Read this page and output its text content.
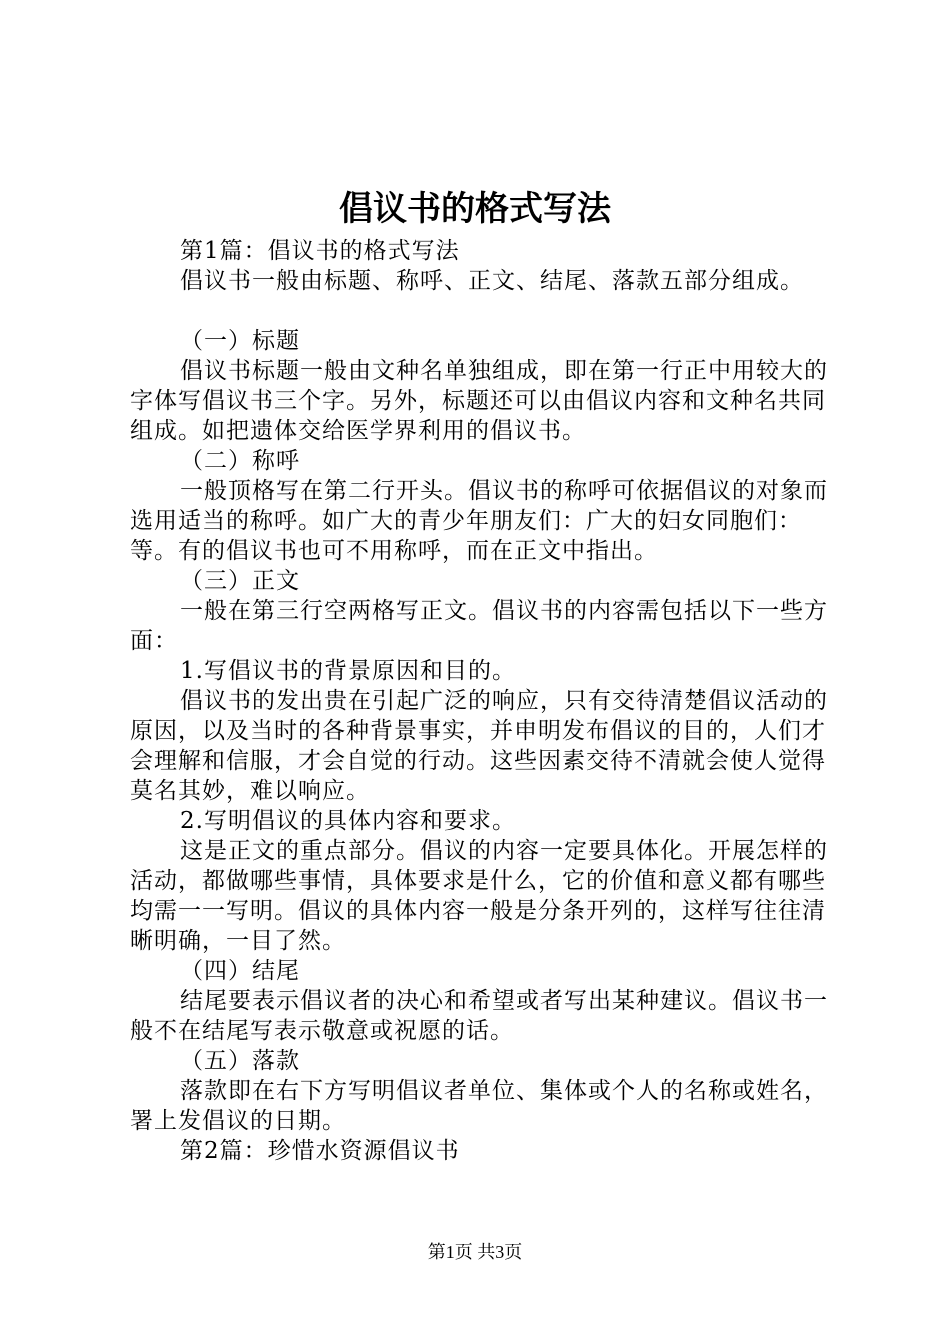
倡议书的格式写法

第1篇：倡议书的格式写法

倡议书一般由标题、称呼、正文、结尾、落款五部分组成。

（一）标题

倡议书标题一般由文种名单独组成，即在第一行正中用较大的字体写倡议书三个字。另外，标题还可以由倡议内容和文种名共同组成。如把遗体交给医学界利用的倡议书。

（二）称呼

一般顶格写在第二行开头。倡议书的称呼可依据倡议的对象而选用适当的称呼。如广大的青少年朋友们：广大的妇女同胞们：等。有的倡议书也可不用称呼，而在正文中指出。

（三）正文

一般在第三行空两格写正文。倡议书的内容需包括以下一些方面：

1.写倡议书的背景原因和目的。

倡议书的发出贵在引起广泛的响应，只有交待清楚倡议活动的原因，以及当时的各种背景事实，并申明发布倡议的目的，人们才会理解和信服，才会自觉的行动。这些因素交待不清就会使人觉得莫名其妙，难以响应。

2.写明倡议的具体内容和要求。

这是正文的重点部分。倡议的内容一定要具体化。开展怎样的活动，都做哪些事情，具体要求是什么，它的价值和意义都有哪些均需一一写明。倡议的具体内容一般是分条开列的，这样写往往清晰明确，一目了然。

（四）结尾

结尾要表示倡议者的决心和希望或者写出某种建议。倡议书一般不在结尾写表示敬意或祝愿的话。

（五）落款

落款即在右下方写明倡议者单位、集体或个人的名称或姓名，署上发倡议的日期。

第2篇：珍惜水资源倡议书

第1页 共3页
